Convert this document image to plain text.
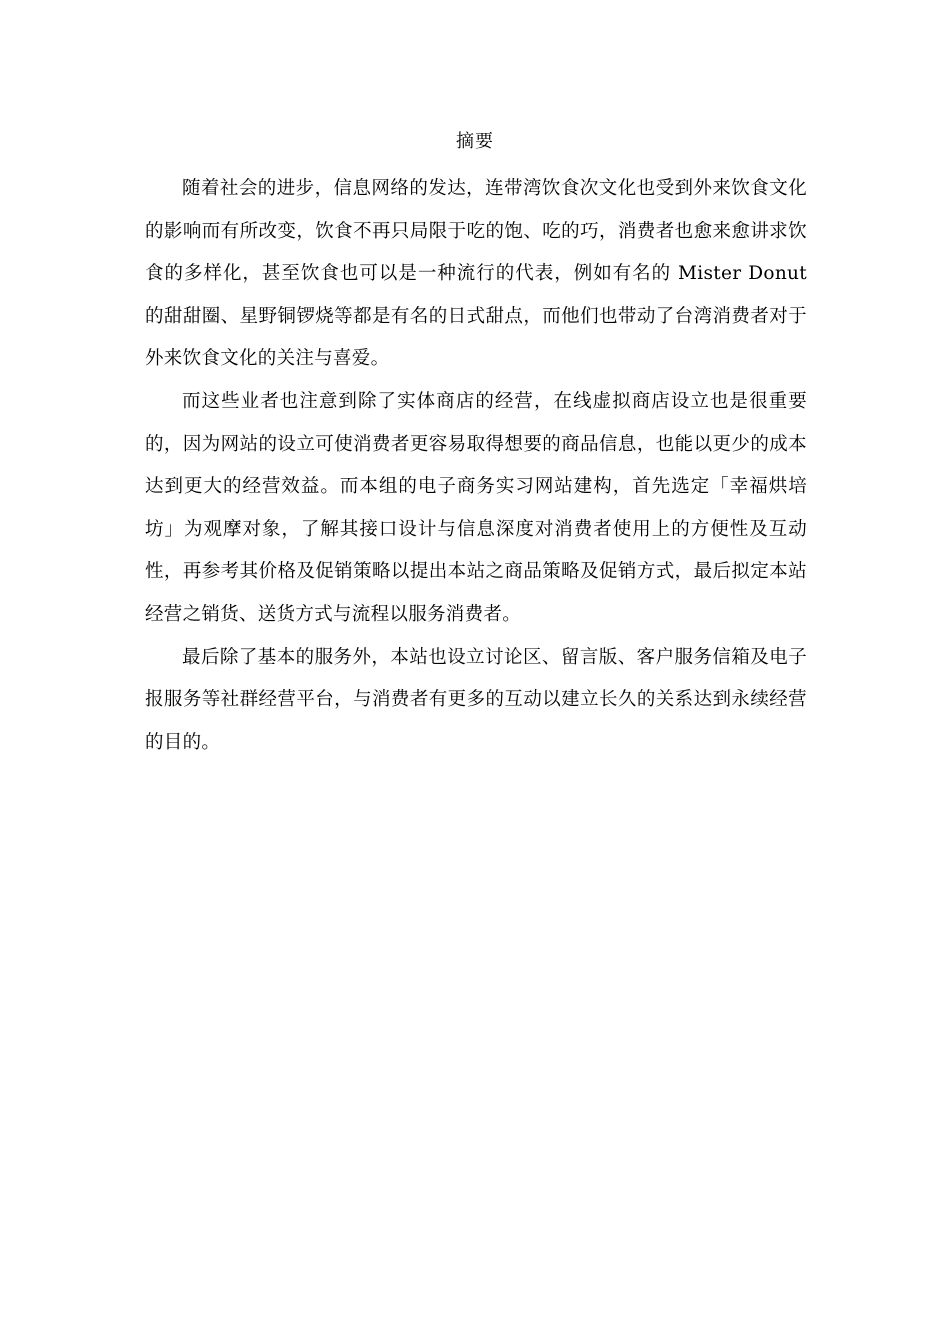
摘要

随着社会的进步，信息网络的发达，连带湾饮食次文化也受到外来饮食文化的影响而有所改变，饮食不再只局限于吃的饱、吃的巧，消费者也愈来愈讲求饮食的多样化，甚至饮食也可以是一种流行的代表，例如有名的 Mister Donut 的甜甜圈、星野铜锣烧等都是有名的日式甜点，而他们也带动了台湾消费者对于外来饮食文化的关注与喜爱。

而这些业者也注意到除了实体商店的经营，在线虚拟商店设立也是很重要的，因为网站的设立可使消费者更容易取得想要的商品信息，也能以更少的成本达到更大的经营效益。而本组的电子商务实习网站建构，首先选定「幸福烘培坊」为观摩对象，了解其接口设计与信息深度对消费者使用上的方便性及互动性，再参考其价格及促销策略以提出本站之商品策略及促销方式，最后拟定本站经营之销货、送货方式与流程以服务消费者。

最后除了基本的服务外，本站也设立讨论区、留言版、客户服务信箱及电子报服务等社群经营平台，与消费者有更多的互动以建立长久的关系达到永续经营的目的。
